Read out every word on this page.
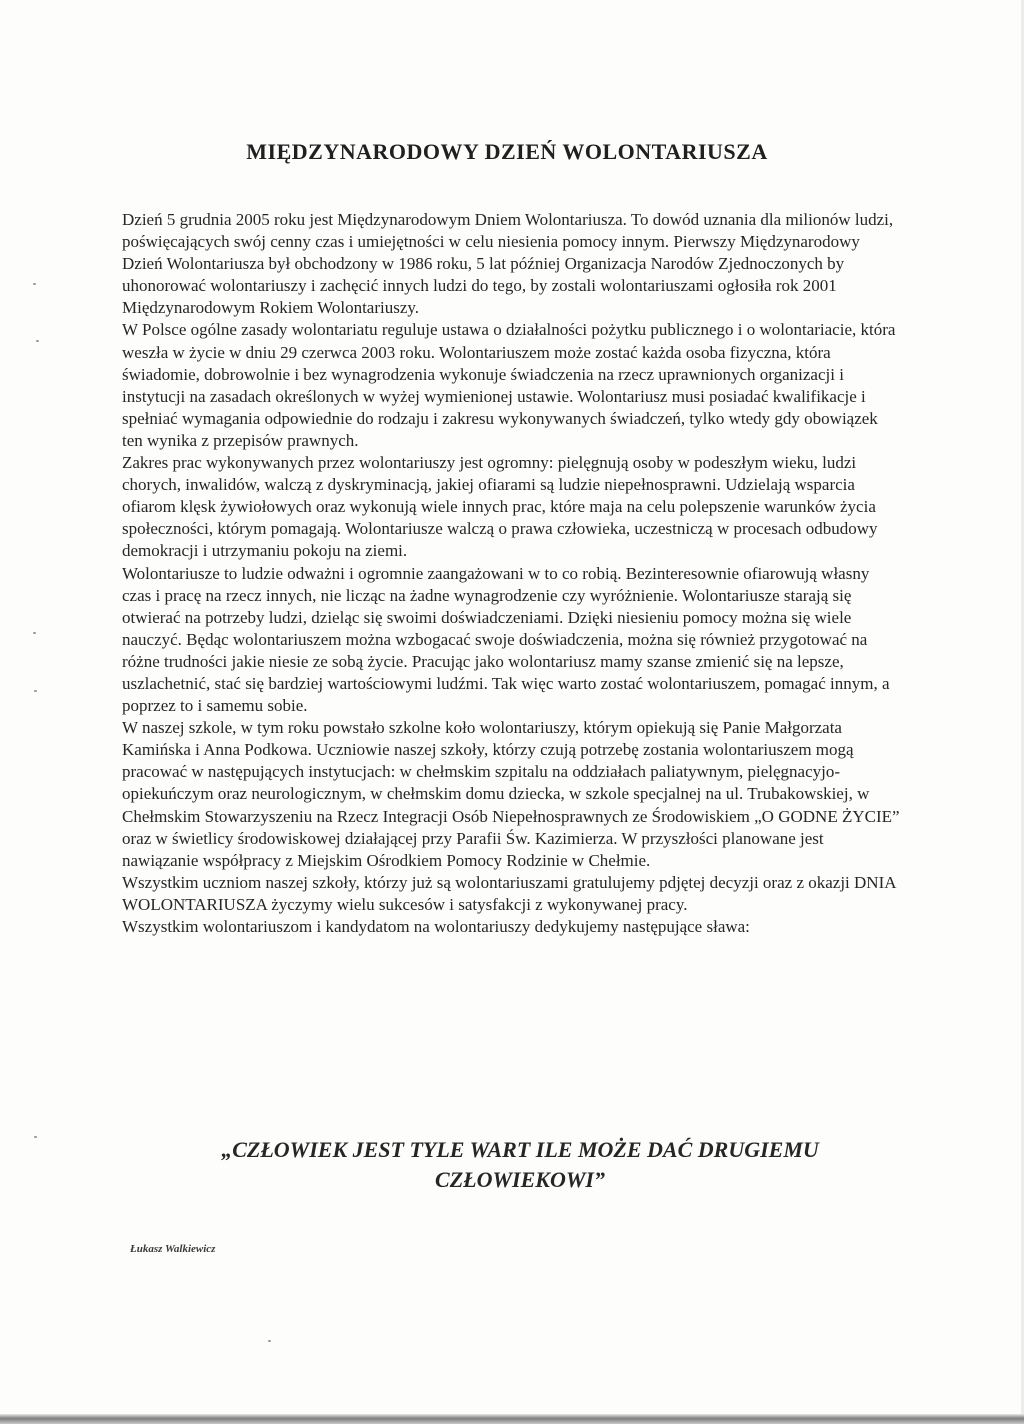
MIĘDZYNARODOWY DZIEŃ WOLONTARIUSZA

Dzień 5 grudnia 2005 roku jest Międzynarodowym Dniem Wolontariusza. To dowód uznania dla milionów ludzi, poświęcających swój cenny czas i umiejętności w celu niesienia pomocy innym. Pierwszy Międzynarodowy Dzień Wolontariusza był obchodzony w 1986 roku, 5 lat później Organizacja Narodów Zjednoczonych by uhonorować wolontariuszy i zachęcić innych ludzi do tego, by zostali wolontariuszami ogłosiła rok 2001 Międzynarodowym Rokiem Wolontariuszy.

W Polsce ogólne zasady wolontariatu reguluje ustawa o działalności pożytku publicznego i o wolontariacie, która weszła w życie w dniu 29 czerwca 2003 roku. Wolontariuszem może zostać każda osoba fizyczna, która świadomie, dobrowolnie i bez wynagrodzenia wykonuje świadczenia na rzecz uprawnionych organizacji i instytucji na zasadach określonych w wyżej wymienionej ustawie. Wolontariusz musi posiadać kwalifikacje i spełniać wymagania odpowiednie do rodzaju i zakresu wykonywanych świadczeń, tylko wtedy gdy obowiązek ten wynika z przepisów prawnych.

Zakres prac wykonywanych przez wolontariuszy jest ogromny: pielęgnują osoby w podeszłym wieku, ludzi chorych, inwalidów, walczą z dyskryminacją, jakiej ofiarami są ludzie niepełnosprawni. Udzielają wsparcia ofiarom klęsk żywiołowych oraz wykonują wiele innych prac, które maja na celu polepszenie warunków życia społeczności, którym pomagają. Wolontariusze walczą o prawa człowieka, uczestniczą w procesach odbudowy demokracji i utrzymaniu pokoju na ziemi.

Wolontariusze to ludzie odważni i ogromnie zaangażowani w to co robią. Bezinteresownie ofiarowują własny czas i pracę na rzecz innych, nie licząc na żadne wynagrodzenie czy wyróżnienie. Wolontariusze starają się otwierać na potrzeby ludzi, dzieląc się swoimi doświadczeniami. Dzięki niesieniu pomocy można się wiele nauczyć. Będąc wolontariuszem można wzbogacać swoje doświadczenia, można się również przygotować na różne trudności jakie niesie ze sobą życie. Pracując jako wolontariusz mamy szanse zmienić się na lepsze, uszlachetnić, stać się bardziej wartościowymi ludźmi. Tak więc warto zostać wolontariuszem, pomagać innym, a poprzez to i samemu sobie.

W naszej szkole, w tym roku powstało szkolne koło wolontariuszy, którym opiekują się Panie Małgorzata Kamińska i Anna Podkowa. Uczniowie naszej szkoły, którzy czują potrzebę zostania wolontariuszem mogą pracować w następujących instytucjach: w chełmskim szpitalu na oddziałach paliatywnym, pielęgnacyjo-opiekuńczym oraz neurologicznym, w chełmskim domu dziecka, w szkole specjalnej na ul. Trubakowskiej, w Chełmskim Stowarzyszeniu na Rzecz Integracji Osób Niepełnosprawnych ze Środowiskiem „O GODNE ŻYCIE” oraz w świetlicy środowiskowej działającej przy Parafii Św. Kazimierza. W przyszłości planowane jest nawiązanie współpracy z Miejskim Ośrodkiem Pomocy Rodzinie w Chełmie.

Wszystkim uczniom naszej szkoły, którzy już są wolontariuszami gratulujemy pdjętej decyzji oraz z okazji DNIA WOLONTARIUSZA życzymy wielu sukcesów i satysfakcji z wykonywanej pracy.

Wszystkim wolontariuszom i kandydatom na wolontariuszy dedykujemy następujące sława:

„CZŁOWIEK JEST TYLE WART ILE MOŻE DAĆ DRUGIEMU
CZŁOWIEKOWI”
Łukasz Walkiewicz
